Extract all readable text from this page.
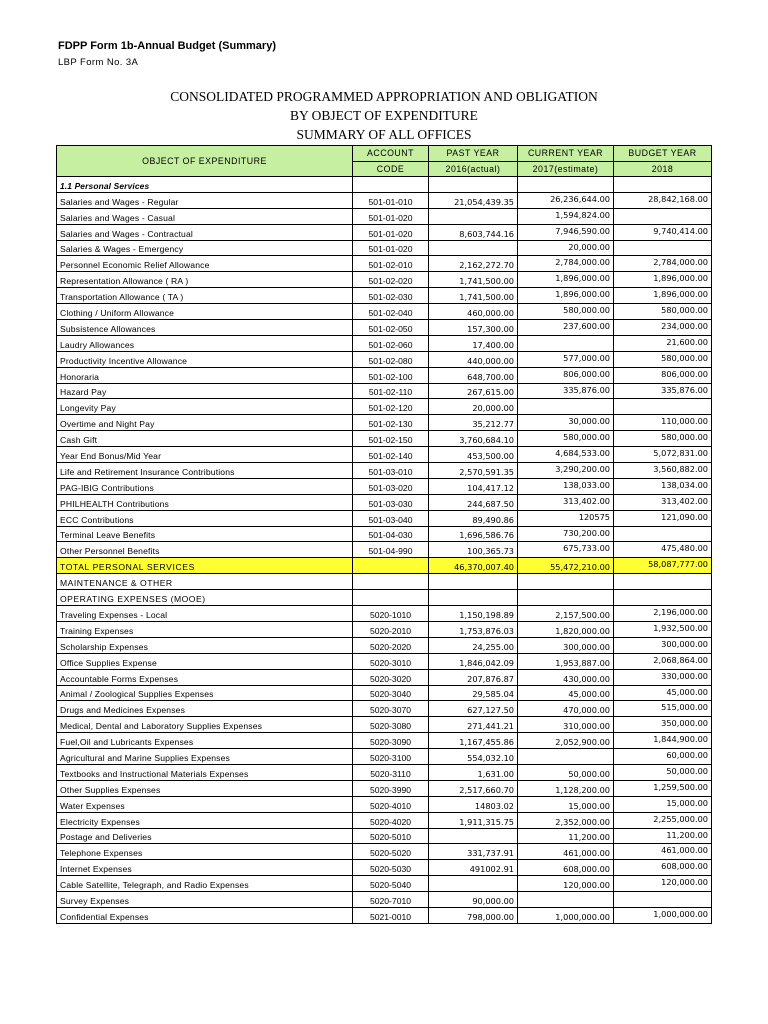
FDPP Form 1b-Annual Budget (Summary)
LBP Form No. 3A
CONSOLIDATED PROGRAMMED APPROPRIATION AND OBLIGATION
BY OBJECT OF EXPENDITURE
SUMMARY OF ALL OFFICES
OBJECT OF EXPENDITURE	ACCOUNT	PAST YEAR	CURRENT YEAR	BUDGET YEAR
	CODE	2016(actual)	2017(estimate)	2018
1.1 Personal Services				
Salaries and Wages - Regular	501-01-010	21,054,439.35	26,236,644.00	28,842,168.00
Salaries and Wages - Casual	501-01-020		1,594,824.00	
Salaries and Wages - Contractual	501-01-020	8,603,744.16	7,946,590.00	9,740,414.00
Salaries & Wages - Emergency	501-01-020		20,000.00	
Personnel Economic Relief Allowance	501-02-010	2,162,272.70	2,784,000.00	2,784,000.00
Representation Allowance ( RA )	501-02-020	1,741,500.00	1,896,000.00	1,896,000.00
Transportation Allowance ( TA )	501-02-030	1,741,500.00	1,896,000.00	1,896,000.00
Clothing / Uniform Allowance	501-02-040	460,000.00	580,000.00	580,000.00
Subsistence Allowances	501-02-050	157,300.00	237,600.00	234,000.00
Laudry Allowances	501-02-060	17,400.00		21,600.00
Productivity Incentive Allowance	501-02-080	440,000.00	577,000.00	580,000.00
Honoraria	501-02-100	648,700.00	806,000.00	806,000.00
Hazard Pay	501-02-110	267,615.00	335,876.00	335,876.00
Longevity Pay	501-02-120	20,000.00		
Overtime and Night Pay	501-02-130	35,212.77	30,000.00	110,000.00
Cash Gift	501-02-150	3,760,684.10	580,000.00	580,000.00
Year End Bonus/Mid Year	501-02-140	453,500.00	4,684,533.00	5,072,831.00
Life and Retirement Insurance Contributions	501-03-010	2,570,591.35	3,290,200.00	3,560,882.00
PAG-IBIG Contributions	501-03-020	104,417.12	138,033.00	138,034.00
PHILHEALTH Contributions	501-03-030	244,687.50	313,402.00	313,402.00
ECC Contributions	501-03-040	89,490.86	120575	121,090.00
Terminal Leave Benefits	501-04-030	1,696,586.76	730,200.00	
Other Personnel Benefits	501-04-990	100,365.73	675,733.00	475,480.00
TOTAL PERSONAL SERVICES		46,370,007.40	55,472,210.00	58,087,777.00
MAINTENANCE & OTHER				
OPERATING EXPENSES (MOOE)				
Traveling Expenses - Local	5020-1010	1,150,198.89	2,157,500.00	2,196,000.00
Training Expenses	5020-2010	1,753,876.03	1,820,000.00	1,932,500.00
Scholarship Expenses	5020-2020	24,255.00	300,000.00	300,000.00
Office Supplies Expense	5020-3010	1,846,042.09	1,953,887.00	2,068,864.00
Accountable Forms Expenses	5020-3020	207,876.87	430,000.00	330,000.00
Animal / Zoological Supplies Expenses	5020-3040	29,585.04	45,000.00	45,000.00
Drugs and Medicines Expenses	5020-3070	627,127.50	470,000.00	515,000.00
Medical, Dental and Laboratory Supplies Expenses	5020-3080	271,441.21	310,000.00	350,000.00
Fuel,Oil and Lubricants Expenses	5020-3090	1,167,455.86	2,052,900.00	1,844,900.00
Agricultural and Marine Supplies Expenses	5020-3100	554,032.10		60,000.00
Textbooks and Instructional Materials Expenses	5020-3110	1,631.00	50,000.00	50,000.00
Other Supplies Expenses	5020-3990	2,517,660.70	1,128,200.00	1,259,500.00
Water Expenses	5020-4010	14803.02	15,000.00	15,000.00
Electricity Expenses	5020-4020	1,911,315.75	2,352,000.00	2,255,000.00
Postage and Deliveries	5020-5010		11,200.00	11,200.00
Telephone Expenses	5020-5020	331,737.91	461,000.00	461,000.00
Internet Expenses	5020-5030	491002.91	608,000.00	608,000.00
Cable Satellite, Telegraph, and Radio Expenses	5020-5040		120,000.00	120,000.00
Survey Expenses	5020-7010	90,000.00		
Confidential Expenses	5021-0010	798,000.00	1,000,000.00	1,000,000.00
